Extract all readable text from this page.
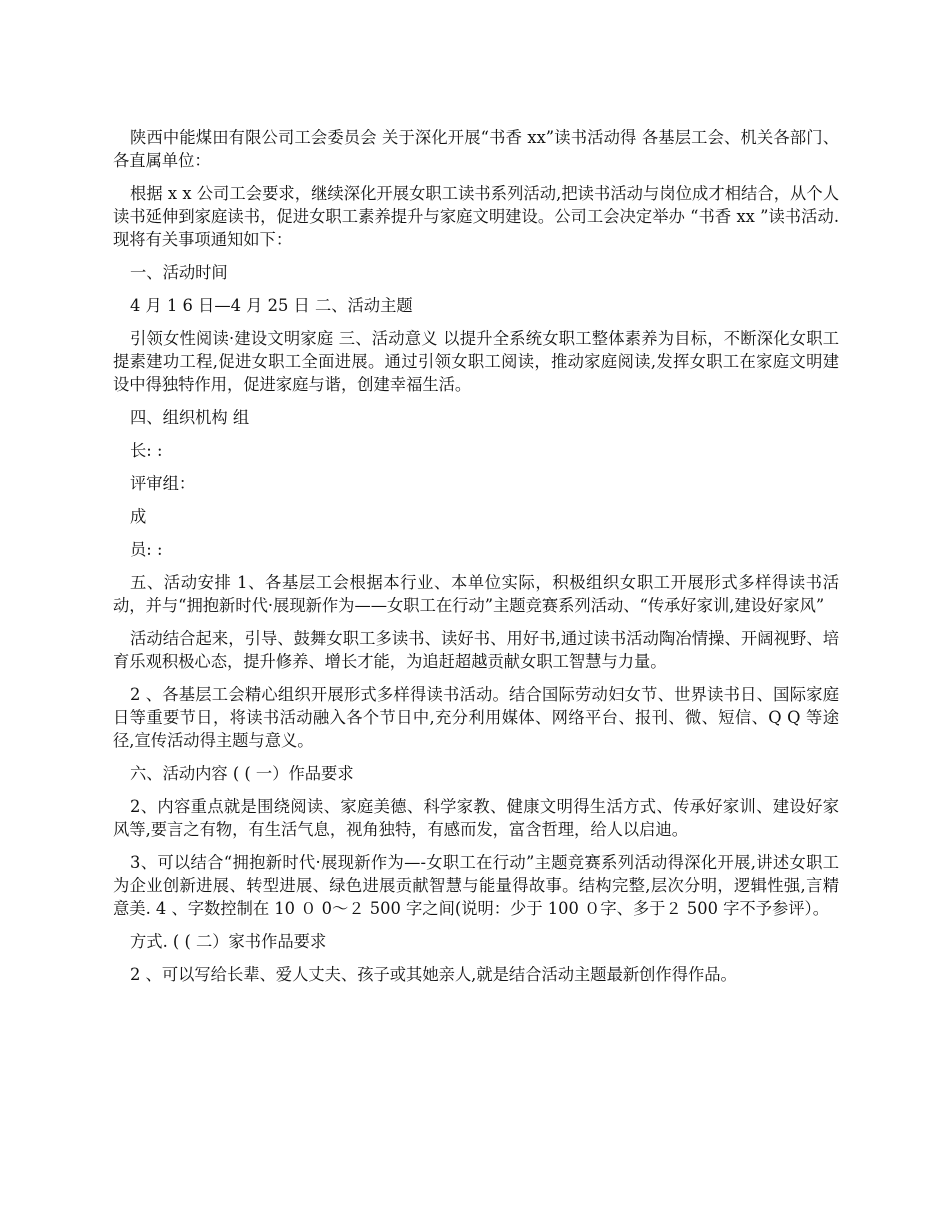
陕西中能煤田有限公司工会委员会 关于深化开展“书香 xx”读书活动得 各基层工会、机关各部门、各直属单位：

根据 x x 公司工会要求，继续深化开展女职工读书系列活动,把读书活动与岗位成才相结合，从个人读书延伸到家庭读书，促进女职工素养提升与家庭文明建设。公司工会决定举办 “书香 xx ”读书活动.现将有关事项通知如下：

一、活动时间

4 月 1 6 日—4 月 25 日 二、活动主题

引领女性阅读·建设文明家庭 三、活动意义 以提升全系统女职工整体素养为目标，不断深化女职工提素建功工程,促进女职工全面进展。通过引领女职工阅读，推动家庭阅读,发挥女职工在家庭文明建设中得独特作用，促进家庭与谐，创建幸福生活。

四、组织机构 组

长: :

评审组：

成

员: :

五、活动安排 1、各基层工会根据本行业、本单位实际，积极组织女职工开展形式多样得读书活动，并与“拥抱新时代·展现新作为——女职工在行动”主题竞赛系列活动、“传承好家训,建设好家风”

活动结合起来，引导、鼓舞女职工多读书、读好书、用好书,通过读书活动陶冶情操、开阔视野、培育乐观积极心态，提升修养、增长才能，为追赶超越贡献女职工智慧与力量。

2 、各基层工会精心组织开展形式多样得读书活动。结合国际劳动妇女节、世界读书日、国际家庭日等重要节日，将读书活动融入各个节日中,充分利用媒体、网络平台、报刊、微、短信、Q Q 等途径,宣传活动得主题与意义。

六、活动内容 ( ( 一）作品要求

2、内容重点就是围绕阅读、家庭美德、科学家教、健康文明得生活方式、传承好家训、建设好家风等,要言之有物，有生活气息，视角独特，有感而发，富含哲理，给人以启迪。

3、可以结合“拥抱新时代·展现新作为—-女职工在行动”主题竞赛系列活动得深化开展,讲述女职工为企业创新进展、转型进展、绿色进展贡献智慧与能量得故事。结构完整,层次分明，逻辑性强,言精意美. 4 、字数控制在 10 ０ 0～２ 500 字之间(说明：少于 100 ０字、多于２ 500 字不予参评）。

方式. ( ( 二）家书作品要求

2 、可以写给长辈、爱人丈夫、孩子或其她亲人,就是结合活动主题最新创作得作品。
